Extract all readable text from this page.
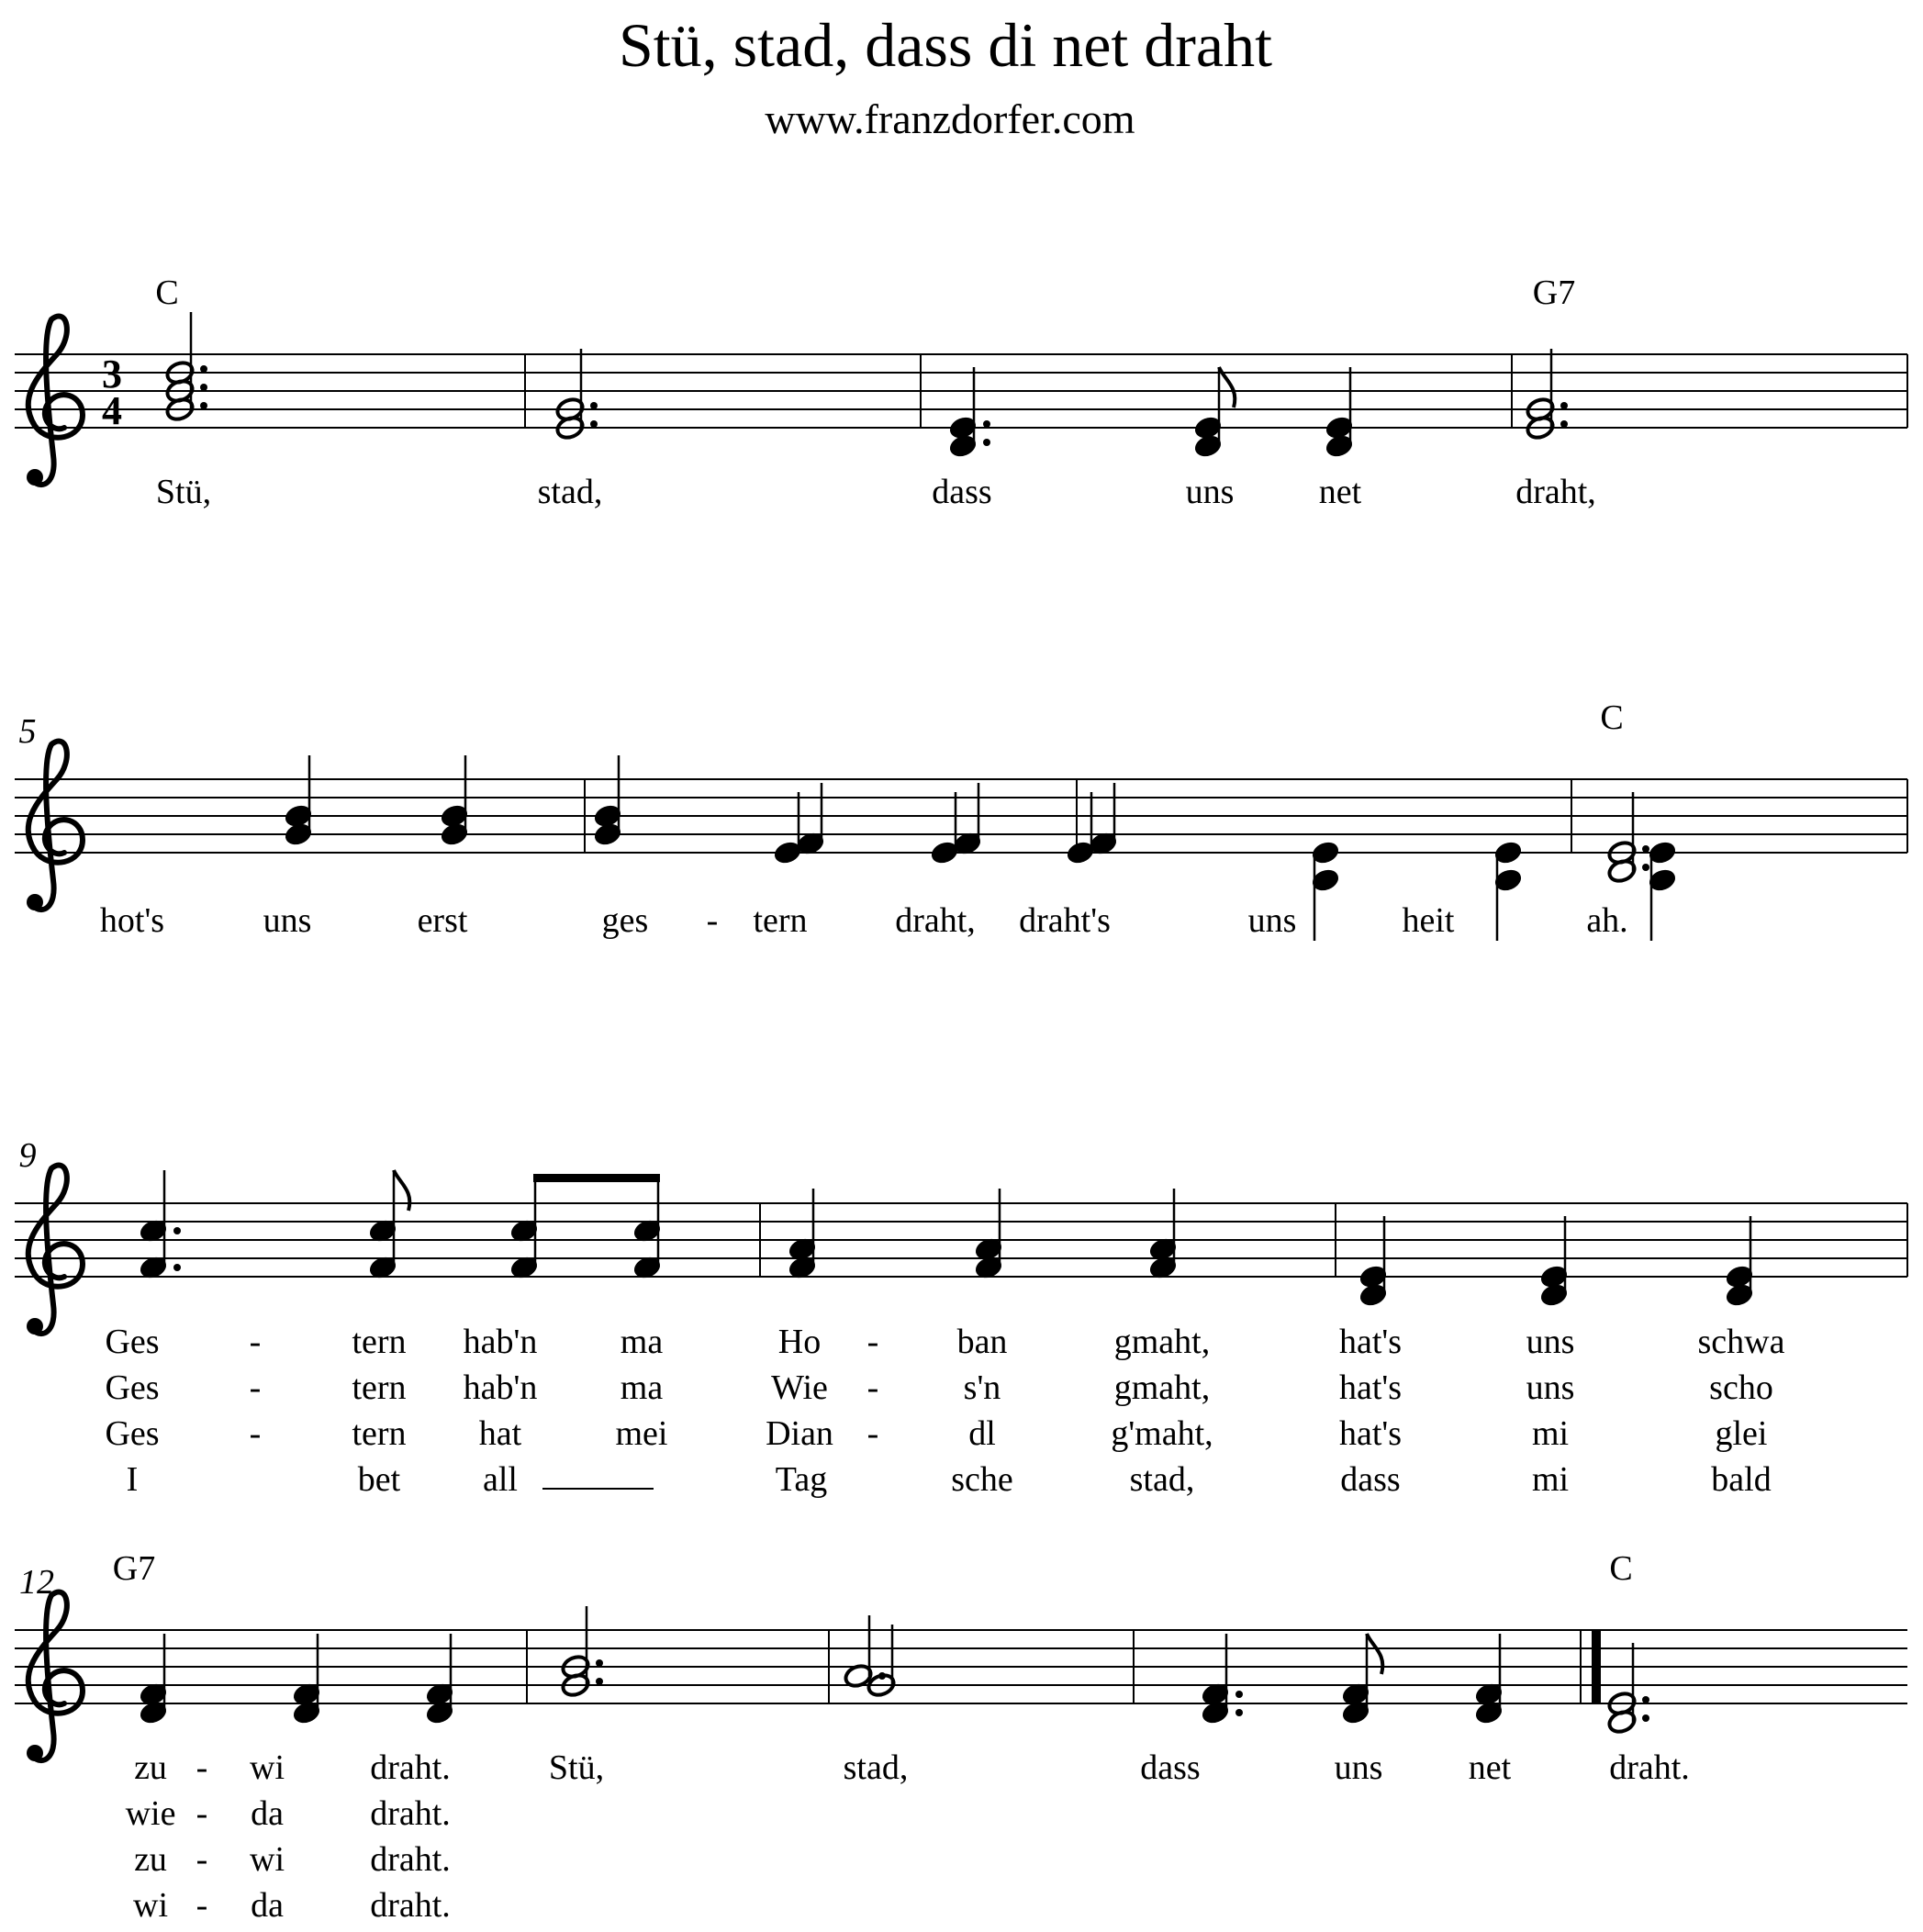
Stü, stad, dass di net draht
www.franzdorfer.com
3
4
C	G7
Stü,	stad,	dass	uns net	draht,
5	C
hot's	uns	erst	ges - tern	draht, draht's	uns	heit	ah.
9
Ges	-	tern hab'n ma	Ho - ban	gmaht,	hat's	uns	schwa
Ges	-	tern hab'n ma	Wie - s'n	gmaht,	hat's	uns	scho
Ges	-	tern hat	mei	Dian -	dl	g'maht,	hat's	mi	glei
I	bet all	Tag	sche	stad,	dass	mi	bald
12 G7	C
zu - wi draht.	Stü,	stad,	dass	uns net	draht.
wie - da draht.
zu - wi draht.
wi - da draht.
